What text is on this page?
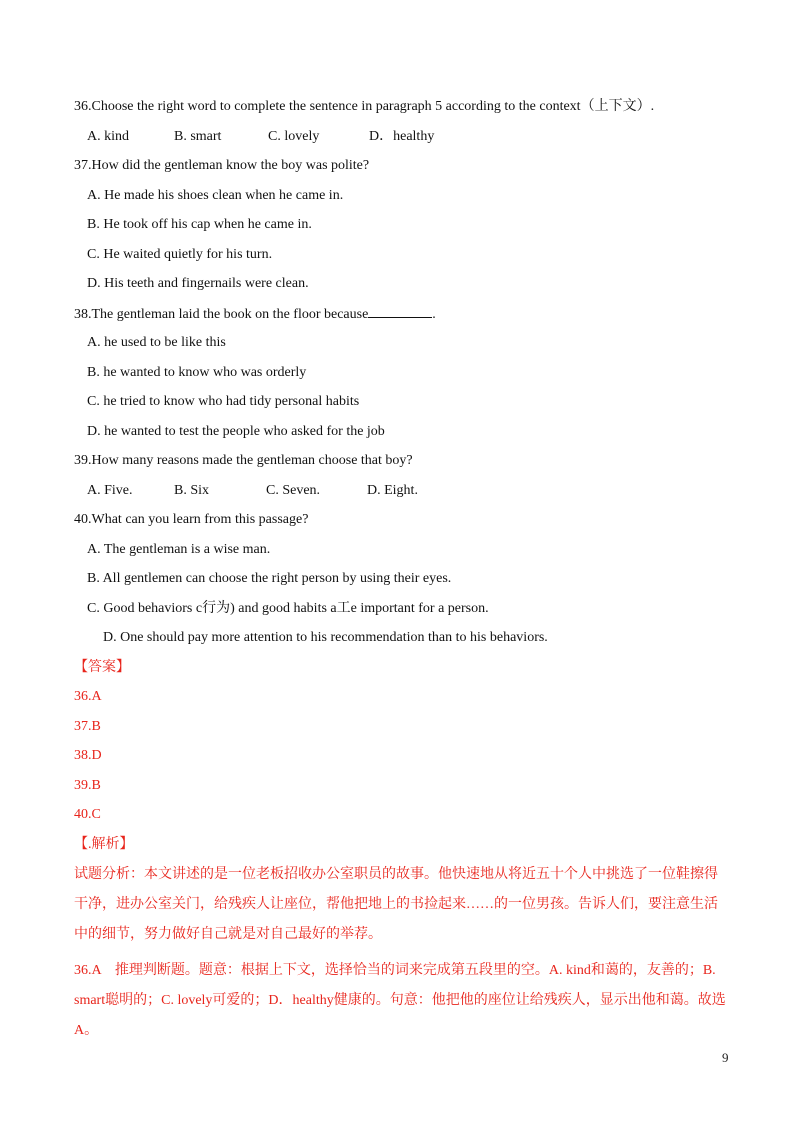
36.Choose the right word to complete the sentence in paragraph 5 according to the context（上下文）.
A. kind	B. smart	C. lovely	D．healthy
37.How did the gentleman know the boy was polite?
A. He made his shoes clean when he came in.
B. He took off his cap when he came in.
C. He waited quietly for his turn.
D. His teeth and fingernails were clean.
38.The gentleman laid the book on the floor because	.
A. he used to be like this
B. he wanted to know who was orderly
C. he tried to know who had tidy personal habits
D. he wanted to test the people who asked for the job
39.How many reasons made the gentleman choose that boy?
A. Five.	B. Six	C. Seven.	D. Eight.
40.What can you learn from this passage?
A. The gentleman is a wise man.
B. All gentlemen can choose the right person by using their eyes.
C. Good behaviors c行为) and good habits a工e important for a person.
D. One should pay more attention to his recommendation than to his behaviors.
【答案】
36.A
37.B
38.D
39.B
40.C
【.解析】
试题分析：本文讲述的是一位老板招收办公室职员的故事。他快速地从将近五十个人中挑选了一位鞋擦得干净，进办公室关门，给残疾人让座位，帮他把地上的书捡起来……的一位男孩。告诉人们，要注意生活中的细节，努力做好自己就是对自己最好的举荐。
36.A　推理判断题。题意：根据上下文，选择恰当的词来完成第五段里的空。A. kind和蔼的，友善的；B. smart聪明的；C. lovely可爱的；D．healthy健康的。句意：他把他的座位让给残疾人，显示出他和蔼。故选A。
9
